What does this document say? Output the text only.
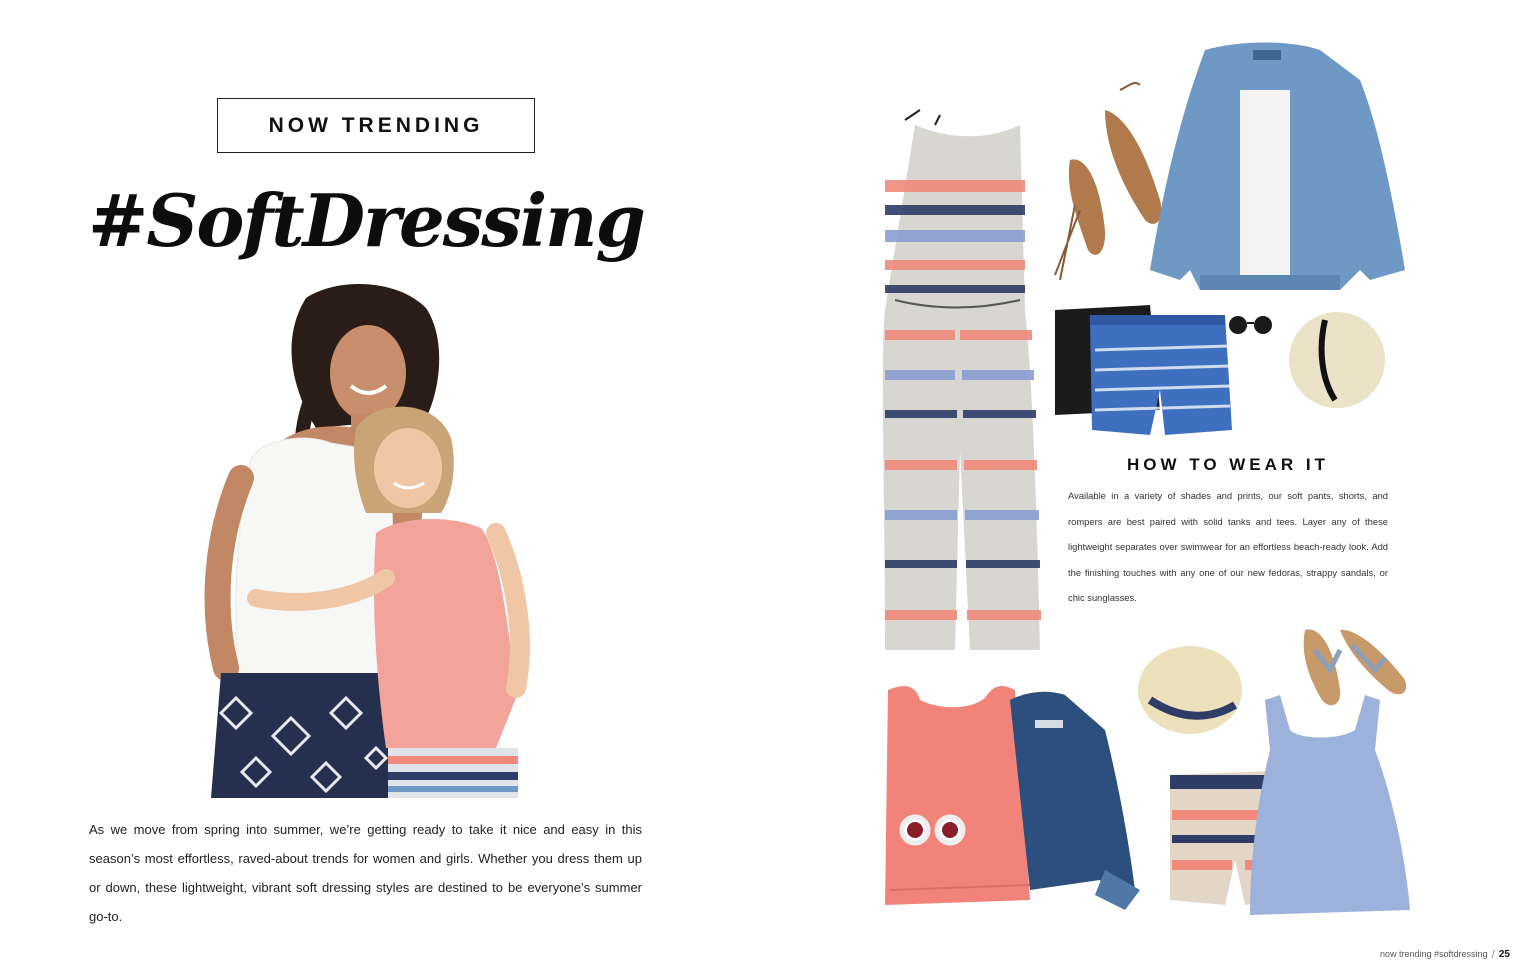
NOW TRENDING
#SoftDressing
As we move from spring into summer, we’re getting ready to take it nice and easy in this season’s most effortless, raved-about trends for women and girls. Whether you dress them up or down, these lightweight, vibrant soft dressing styles are destined to be everyone’s summer go-to.
HOW TO WEAR IT
Available in a variety of shades and prints, our soft pants, shorts, and rompers are best paired with solid tanks and tees. Layer any of these lightweight separates over swimwear for an effortless beach-ready look. Add the finishing touches with any one of our new fedoras, strappy sandals, or chic sunglasses.
now trending #softdressing / 25
